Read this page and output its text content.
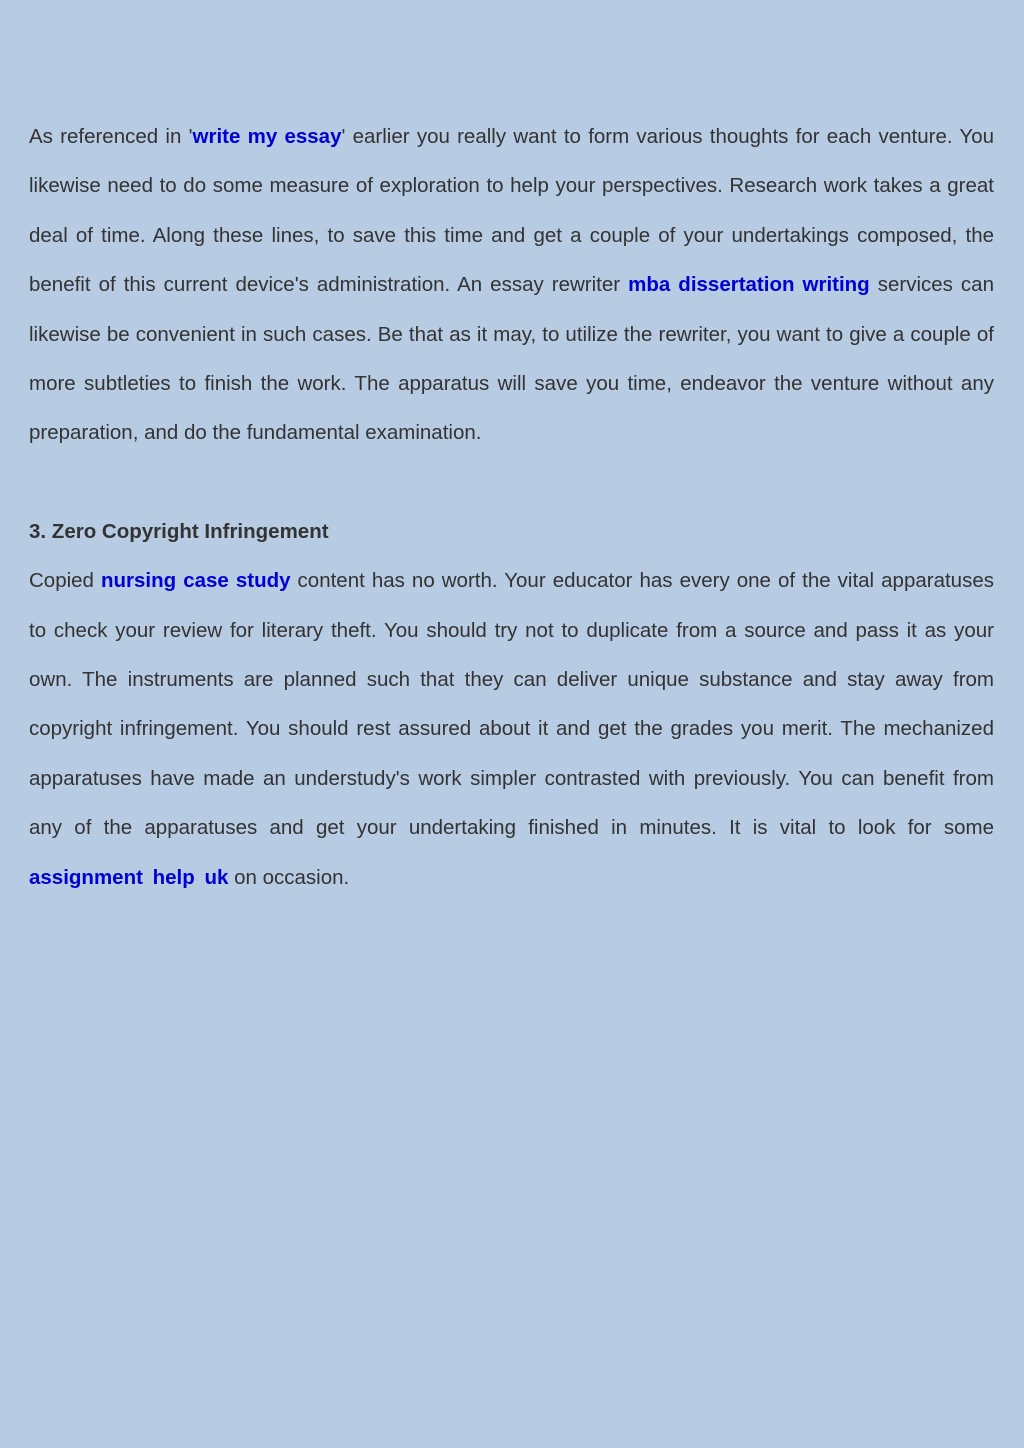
As referenced in 'write my essay' earlier you really want to form various thoughts for each venture. You likewise need to do some measure of exploration to help your perspectives. Research work takes a great deal of time. Along these lines, to save this time and get a couple of your undertakings composed, the benefit of this current device's administration. An essay rewriter mba dissertation writing services can likewise be convenient in such cases. Be that as it may, to utilize the rewriter, you want to give a couple of more subtleties to finish the work. The apparatus will save you time, endeavor the venture without any preparation, and do the fundamental examination.

3. Zero Copyright Infringement

Copied nursing case study content has no worth. Your educator has every one of the vital apparatuses to check your review for literary theft. You should try not to duplicate from a source and pass it as your own. The instruments are planned such that they can deliver unique substance and stay away from copyright infringement. You should rest assured about it and get the grades you merit. The mechanized apparatuses have made an understudy's work simpler contrasted with previously. You can benefit from any of the apparatuses and get your undertaking finished in minutes. It is vital to look for some assignment help uk on occasion.
